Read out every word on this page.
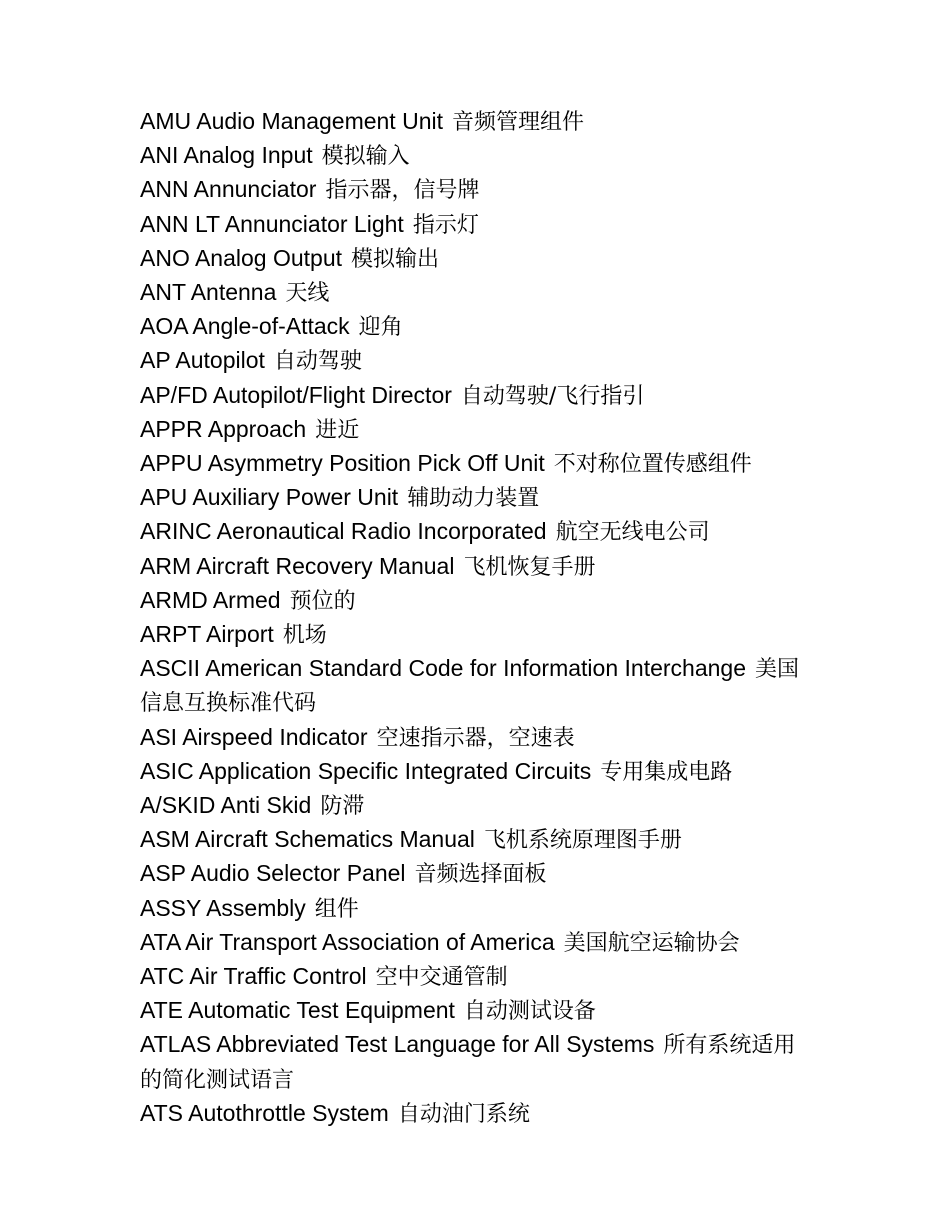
AMU Audio Management Unit 音频管理组件
ANI Analog Input 模拟输入
ANN Annunciator 指示器，信号牌
ANN LT Annunciator Light 指示灯
ANO Analog Output 模拟输出
ANT Antenna 天线
AOA Angle-of-Attack 迎角
AP Autopilot 自动驾驶
AP/FD Autopilot/Flight Director 自动驾驶/飞行指引
APPR Approach 进近
APPU Asymmetry Position Pick Off Unit 不对称位置传感组件
APU Auxiliary Power Unit 辅助动力装置
ARINC Aeronautical Radio Incorporated 航空无线电公司
ARM Aircraft Recovery Manual 飞机恢复手册
ARMD Armed 预位的
ARPT Airport 机场
ASCII American Standard Code for Information Interchange 美国信息互换标准代码
ASI Airspeed Indicator 空速指示器，空速表
ASIC Application Specific Integrated Circuits 专用集成电路
A/SKID Anti Skid 防滞
ASM Aircraft Schematics Manual 飞机系统原理图手册
ASP Audio Selector Panel 音频选择面板
ASSY Assembly 组件
ATA Air Transport Association of America 美国航空运输协会
ATC Air Traffic Control 空中交通管制
ATE Automatic Test Equipment 自动测试设备
ATLAS Abbreviated Test Language for All Systems 所有系统适用的简化测试语言
ATS Autothrottle System 自动油门系统
